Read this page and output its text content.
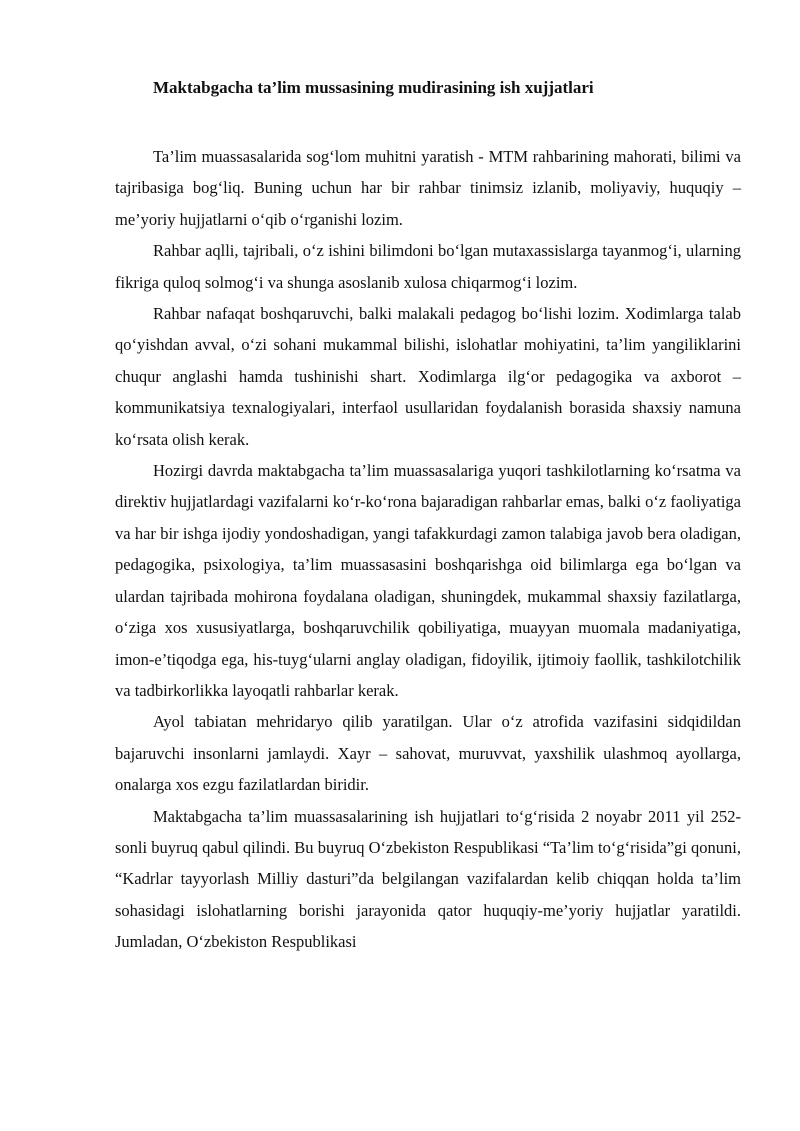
Maktabgacha ta’lim mussasining mudirasining ish xujjatlari

Ta’lim muassasalarida sog‘lom muhitni yaratish - MTM rahbarining mahorati, bilimi va tajribasiga bog‘liq. Buning uchun har bir rahbar tinimsiz izlanib, moliyaviy, huquqiy – me’yoriy hujjatlarni o‘qib o‘rganishi lozim.

Rahbar aqlli, tajribali, o‘z ishini bilimdoni bo‘lgan mutaxassislarga tayanmog‘i, ularning fikriga quloq solmog‘i va shunga asoslanib xulosa chiqarmog‘i lozim.

Rahbar nafaqat boshqaruvchi, balki malakali pedagog bo‘lishi lozim. Xodimlarga talab qo‘yishdan avval, o‘zi sohani mukammal bilishi, islohatlar mohiyatini, ta’lim yangiliklarini chuqur anglashi hamda tushinishi shart. Xodimlarga ilg‘or pedagogika va axborot – kommunikatsiya texnalogiyalari, interfaol usullaridan foydalanish borasida shaxsiy namuna ko‘rsata olish kerak.

Hozirgi davrda maktabgacha ta’lim muassasalariga yuqori tashkilotlarning ko‘rsatma va direktiv hujjatlardagi vazifalarni ko‘r-ko‘rona bajaradigan rahbarlar emas, balki o‘z faoliyatiga va har bir ishga ijodiy yondoshadigan, yangi tafakkurdagi zamon talabiga javob bera oladigan, pedagogika, psixologiya, ta’lim muassasasini boshqarishga oid bilimlarga ega bo‘lgan va ulardan tajribada mohirona foydalana oladigan, shuningdek, mukammal shaxsiy fazilatlarga, o‘ziga xos xususiyatlarga, boshqaruvchilik qobiliyatiga, muayyan muomala madaniyatiga, imon-e’tiqodga ega, his-tuyg‘ularni anglay oladigan, fidoyilik, ijtimoiy faollik, tashkilotchilik va tadbirkorlikka layoqatli rahbarlar kerak.

Ayol tabiatan mehridaryo qilib yaratilgan. Ular o‘z atrofida vazifasini sidqidildan bajaruvchi insonlarni jamlaydi. Xayr – sahovat, muruvvat, yaxshilik ulashmoq ayollarga, onalarga xos ezgu fazilatlardan biridir.

Maktabgacha ta’lim muassasalarining ish hujjatlari to‘g‘risida 2 noyabr 2011 yil 252-sonli buyruq qabul qilindi. Bu buyruq O‘zbekiston Respublikasi “Ta’lim to‘g‘risida”gi qonuni, “Kadrlar tayyorlash Milliy dasturi”da belgilangan vazifalardan kelib chiqqan holda ta’lim sohasidagi islohatlarning borishi jarayonida qator huquqiy-me’yoriy hujjatlar yaratildi. Jumladan, O‘zbekiston Respublikasi
